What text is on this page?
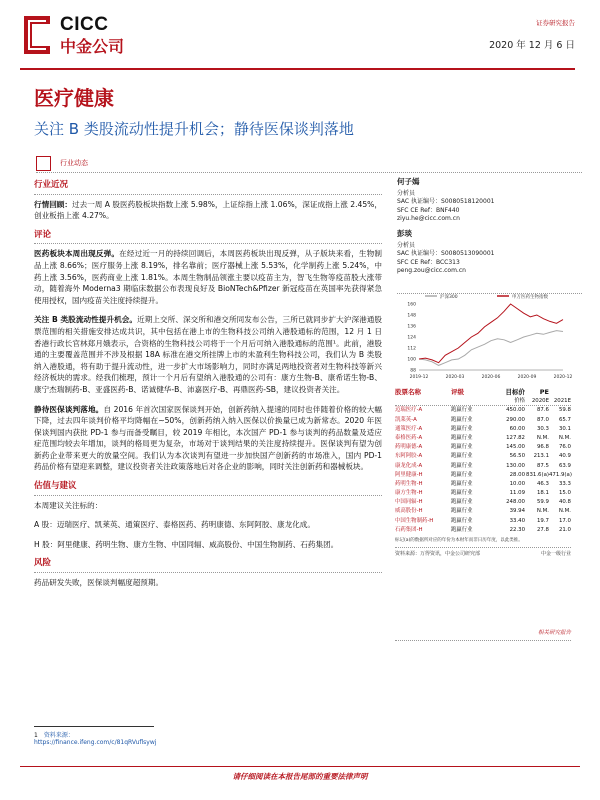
CICC
中金公司
证券研究报告
2020 年 12 月 6 日
医疗健康
关注 B 类股流动性提升机会；静待医保谈判落地
行业动态
行业近况
行情回顾：过去一周 A 股医药股板块指数上涨 5.98%，上证综指上涨 1.06%，深证成指上涨 2.45%，创业板指上涨 4.27%。
评论
医药板块本周出现反弹。在经过近一月的持续回调后，本周医药板块出现反弹，从子版块来看，生物制品上涨 8.66%；医疗服务上涨 8.19%，排名靠前；医疗器械上涨 5.53%，化学制药上涨 5.24%，中药上涨 3.56%，医药商业上涨 1.81%。本周生物制品领涨主要以疫苗主为，智飞生物等疫苗股大涨带动，随着海外 Moderna3 期临床数据公布表现良好及 BioNTech&Pfizer 新冠疫苗在英国率先获得紧急使用授权，国内疫苗关注度持续提升。
关注 B 类股流动性提升机会。近期上交所、深交所和港交所同发布公告，三所已就同步扩大沪深港通股票范围的相关措施安排达成共识，其中包括在港上市的生物科技公司纳入港股通标的范围，12 月 1 日香港行政长官林郑月娥表示，合资格的生物科技公司将于一个月后可纳入港股通标的范围¹。此前，港股通的主要覆盖范围并不涉及根据 18A 标准在港交所挂牌上市的未盈利生物科技公司，我们认为 B 类股纳入港股通，将有助于提升流动性，进一步扩大市场影响力，同时亦满足两地投资者对生物科技等新兴经济板块的需求。经我们梳理，预计一个月后有望纳入港股通的公司有：康方生物-B、康希诺生物-B、康宁杰瑞制药-B、亚盛医药-B、诺诚健华-B、沛嘉医疗-B、再鼎医药-SB，建议投资者关注。
静待医保谈判落地。自 2016 年首次国家医保谈判开始，创新药纳入提速的同时也伴随着价格的较大幅下降，过去四年谈判价格平均降幅在~50%，创新药纳入纳入医保以价换量已成为新常态。2020 年医保谈判国内获批 PD-1 参与而备受瞩目，较 2019 年相比，本次国产 PD-1 参与谈判的药品数量及适应症范围均较去年增加，谈判的格局更为复杂，市场对于谈判结果的关注度持续提升。医保谈判有望为创新药企业带来更大的放量空间。我们认为本次谈判有望进一步加快国产创新药的市场准入，国内 PD-1 药品价格有望迎来调整，建议投资者关注政策落地后对各企业的影响，同时关注创新药和器械板块。
估值与建议
本周建议关注标的：
A 股：迈瑞医疗、凯莱英、通策医疗、泰格医药、药明康德、东阿阿胶、康龙化成。
H 股：阿里健康、药明生物、康方生物、中国同辐、威高股份、中国生物制药、石药集团。
风险
药品研发失败，医保谈判幅度超预期。
1 资料来源：https://finance.ifeng.com/c/81qRVuflsywj
请仔细阅读在本报告尾部的重要法律声明
何子嫣
分析员
SAC 执证编号：S0080518120001
SFC CE Ref：BNF440
ziyu.he@cicc.com.cn
彭琰
分析员
SAC 执证编号：S0080513090001
SFC CE Ref：BCC313
peng.zou@cicc.com.cn
沪深300	申万医药生物指数
160
148
136
124
112
100
88
2019-12	2020-03	2020-06	2020-09	2020-12
股票名称	评级	目标价	PE
价格	2020E 2021E
迈瑞医疗-A	跑赢行业	450.00	87.6	59.8
凯莱英-A	跑赢行业	290.00	87.0	65.7
通策医疗-A	跑赢行业	60.00	30.3	30.1
泰格医药-A	跑赢行业	127.82	N.M.	N.M.
药明康德-A	跑赢行业	145.00	96.8	76.0
东阿阿胶-A	跑赢行业	56.50	213.1	40.9
康龙化成-A	跑赢行业	130.00	87.5	63.9
阿里健康-H	跑赢行业	28.00 831.6(a) 471.9(a)
药明生物-H	跑赢行业	10.00	46.3	33.3
康方生物-H	跑赢行业	11.09	18.1	15.0
中国同辐-H	跑赢行业	248.00	59.9	40.8
威高股份-H	跑赢行业	39.94	N.M.	N.M.
中国生物制药-H	跑赢行业	33.40	19.7	17.0
石药集团-H	跑赢行业	22.30	27.8	21.0
标记(a)的数据所对应的年份为本财年而非日历年度，以此类推。
资料来源：万得资讯，中金公司研究部	中金一级行业
相关研究报告
